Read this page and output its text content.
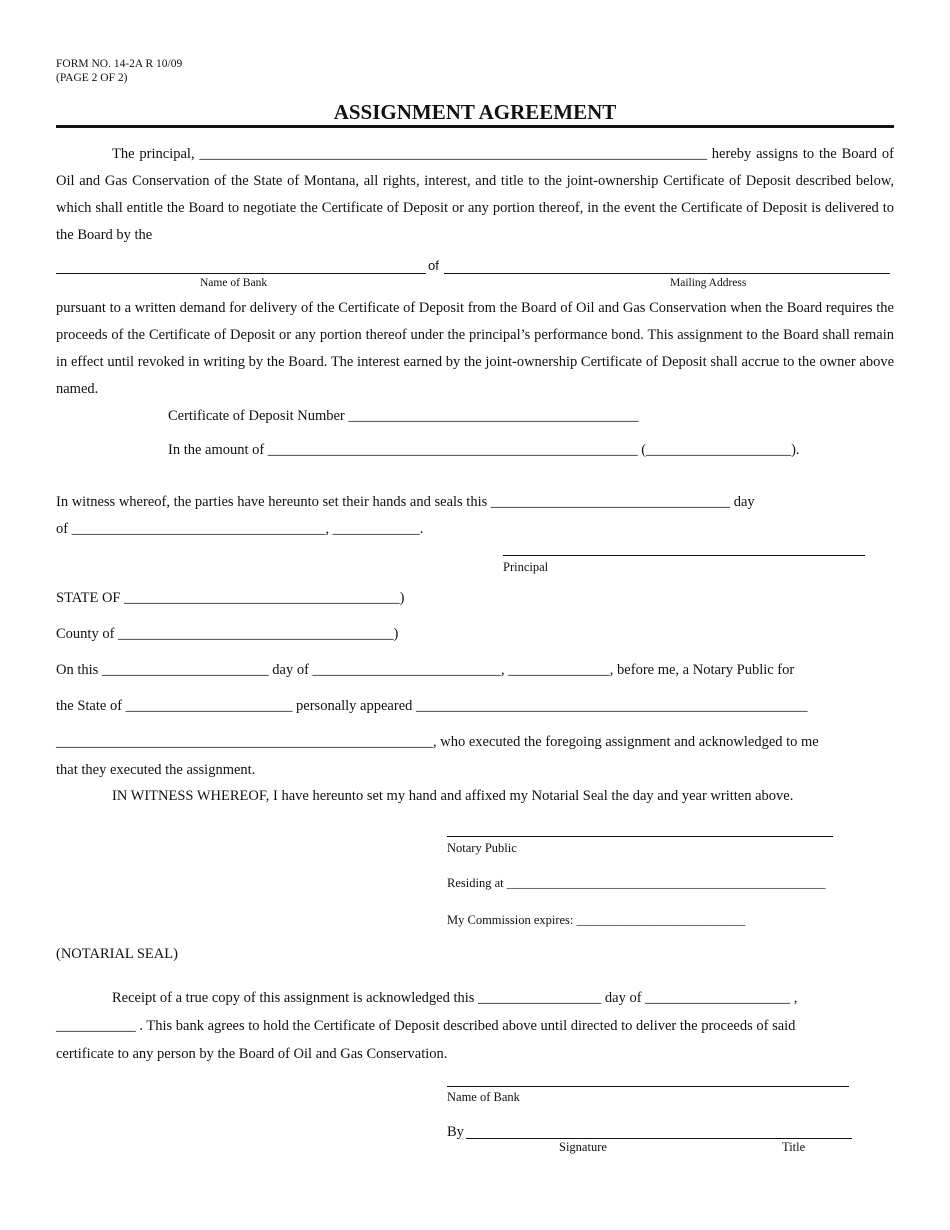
FORM NO. 14-2A R 10/09
(PAGE 2 OF 2)
ASSIGNMENT AGREEMENT
The principal, ______________________________________________________________________ hereby assigns to the Board of Oil and Gas Conservation of the State of Montana, all rights, interest, and title to the joint-ownership Certificate of Deposit described below, which shall entitle the Board to negotiate the Certificate of Deposit or any portion thereof, in the event the Certificate of Deposit is delivered to the Board by the
of
Name of Bank	Mailing Address
pursuant to a written demand for delivery of the Certificate of Deposit from the Board of Oil and Gas Conservation when the Board requires the proceeds of the Certificate of Deposit or any portion thereof under the principal’s performance bond. This assignment to the Board shall remain in effect until revoked in writing by the Board. The interest earned by the joint-ownership Certificate of Deposit shall accrue to the owner above named.
Certificate of Deposit Number ________________________________________
In the amount of ___________________________________________________ (____________________).
In witness whereof, the parties have hereunto set their hands and seals this _________________________________ day
of ___________________________________, ____________.
Principal
STATE OF ______________________________________)
County of ______________________________________)
On this _______________________ day of __________________________, ______________, before me, a Notary Public for
the State of _______________________ personally appeared ______________________________________________________
____________________________________________________, who executed the foregoing assignment and acknowledged to me
that they executed the assignment.
IN WITNESS WHEREOF, I have hereunto set my hand and affixed my Notarial Seal the day and year written above.
Notary Public
Residing at ___________________________________________________
My Commission expires: ___________________________
(NOTARIAL SEAL)
Receipt of a true copy of this assignment is acknowledged this _________________ day of ____________________ ,
___________ . This bank agrees to hold the Certificate of Deposit described above until directed to deliver the proceeds of said
certificate to any person by the Board of Oil and Gas Conservation.
Name of Bank
By
Signature	Title
